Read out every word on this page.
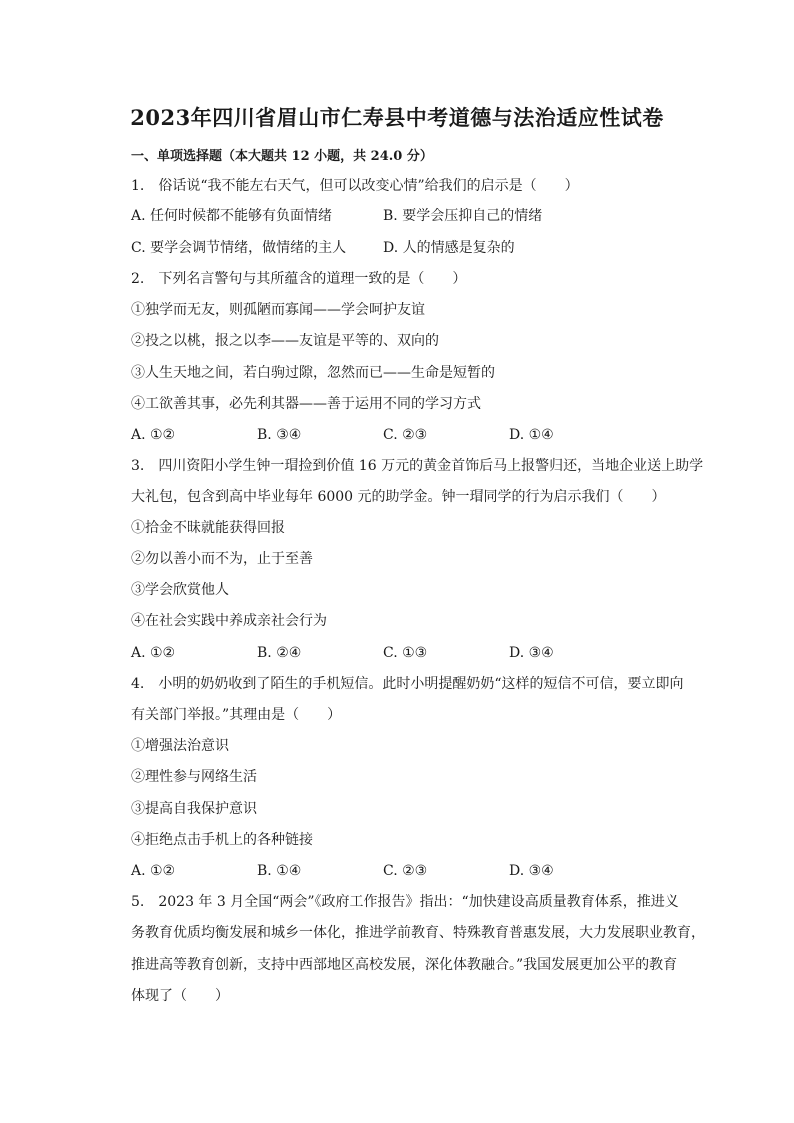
2023年四川省眉山市仁寿县中考道德与法治适应性试卷
一、单项选择题（本大题共 12 小题，共 24.0 分）
1.　俗话说“我不能左右天气，但可以改变心情”给我们的启示是（　　）
A. 任何时候都不能够有负面情绪	B. 要学会压抑自己的情绪
C. 要学会调节情绪，做情绪的主人	D. 人的情感是复杂的
2.　下列名言警句与其所蕴含的道理一致的是（　　）
①独学而无友，则孤陋而寡闻——学会呵护友谊
②投之以桃，报之以李——友谊是平等的、双向的
③人生天地之间，若白驹过隙，忽然而已——生命是短暂的
④工欲善其事，必先利其器——善于运用不同的学习方式
A. ①②	B. ③④	C. ②③	D. ①④
3.　四川资阳小学生钟一瑁捡到价值 16 万元的黄金首饰后马上报警归还，当地企业送上助学
大礼包，包含到高中毕业每年 6000 元的助学金。钟一瑁同学的行为启示我们（　　）
①拾金不昧就能获得回报
②勿以善小而不为，止于至善
③学会欣赏他人
④在社会实践中养成亲社会行为
A. ①②	B. ②④	C. ①③	D. ③④
4.　小明的奶奶收到了陌生的手机短信。此时小明提醒奶奶“这样的短信不可信，要立即向
有关部门举报。”其理由是（　　）
①增强法治意识
②理性参与网络生活
③提高自我保护意识
④拒绝点击手机上的各种链接
A. ①②	B. ①④	C. ②③	D. ③④
5.　2023 年 3 月全国“两会”《政府工作报告》指出：“加快建设高质量教育体系，推进义
务教育优质均衡发展和城乡一体化，推进学前教育、特殊教育普惠发展，大力发展职业教育，
推进高等教育创新，支持中西部地区高校发展，深化体教融合。”我国发展更加公平的教育
体现了（　　）
